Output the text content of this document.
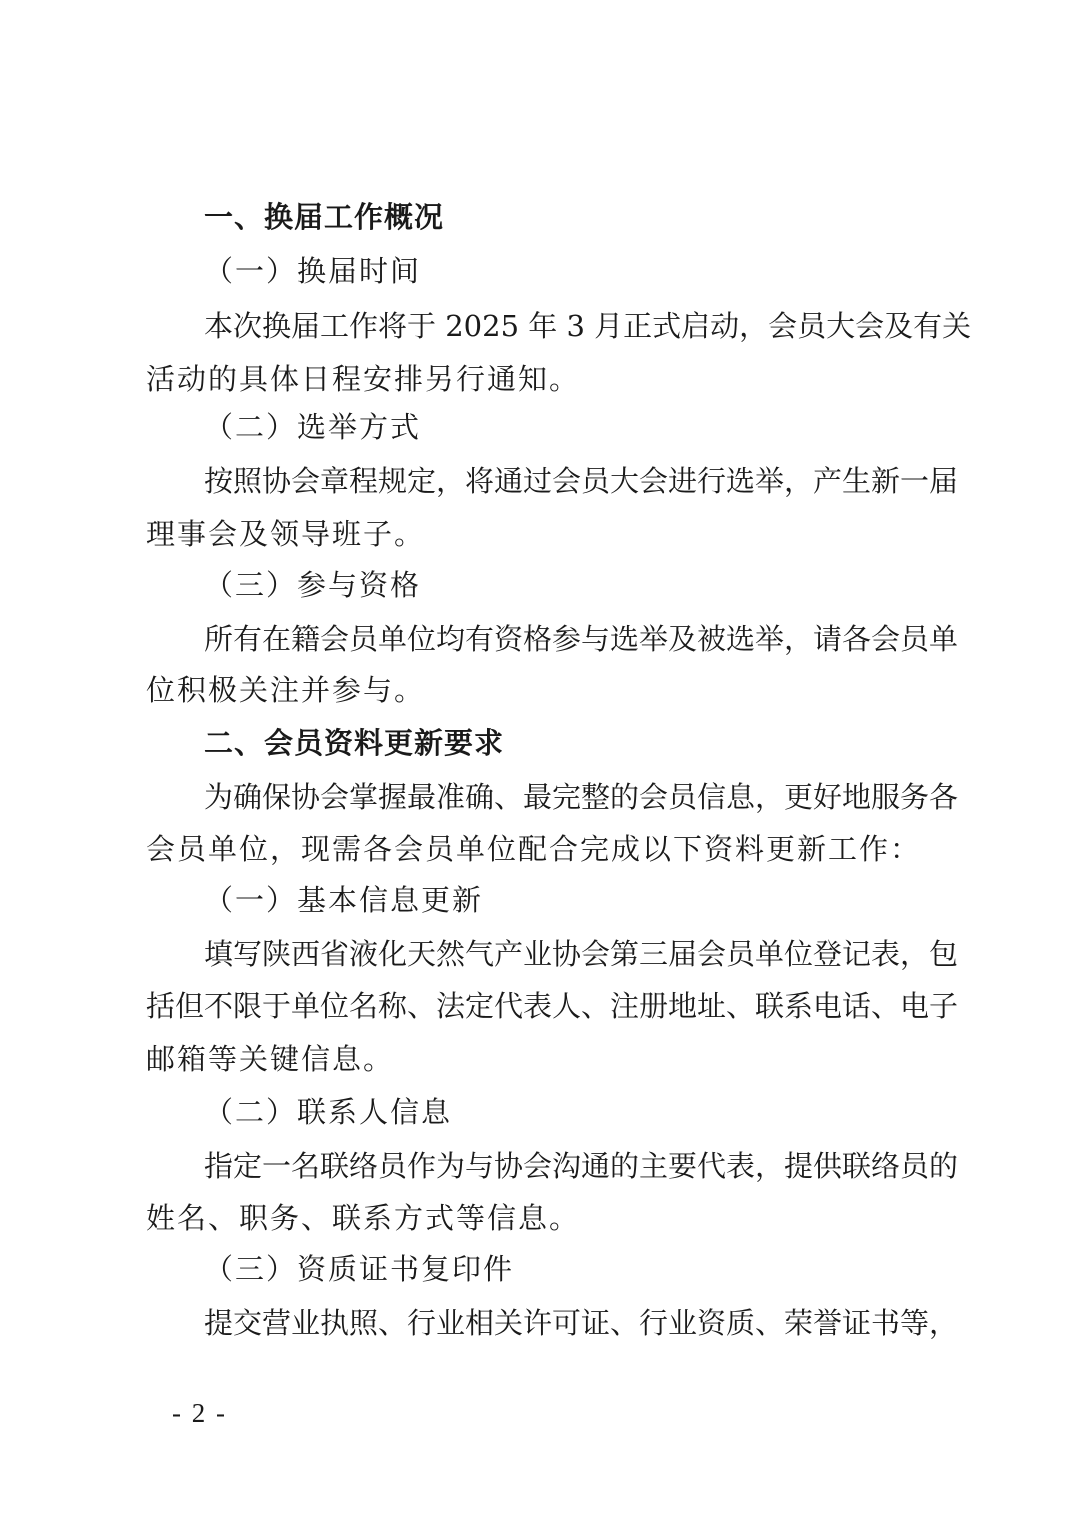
一、换届工作概况
（一）换届时间
本次换届工作将于 2025 年 3 月正式启动，会员大会及有关
活动的具体日程安排另行通知。
（二）选举方式
按照协会章程规定，将通过会员大会进行选举，产生新一届
理事会及领导班子。
（三）参与资格
所有在籍会员单位均有资格参与选举及被选举，请各会员单
位积极关注并参与。
二、会员资料更新要求
为确保协会掌握最准确、最完整的会员信息，更好地服务各
会员单位，现需各会员单位配合完成以下资料更新工作：
（一）基本信息更新
填写陕西省液化天然气产业协会第三届会员单位登记表，包
括但不限于单位名称、法定代表人、注册地址、联系电话、电子
邮箱等关键信息。
（二）联系人信息
指定一名联络员作为与协会沟通的主要代表，提供联络员的
姓名、职务、联系方式等信息。
（三）资质证书复印件
提交营业执照、行业相关许可证、行业资质、荣誉证书等，
- 2 -
